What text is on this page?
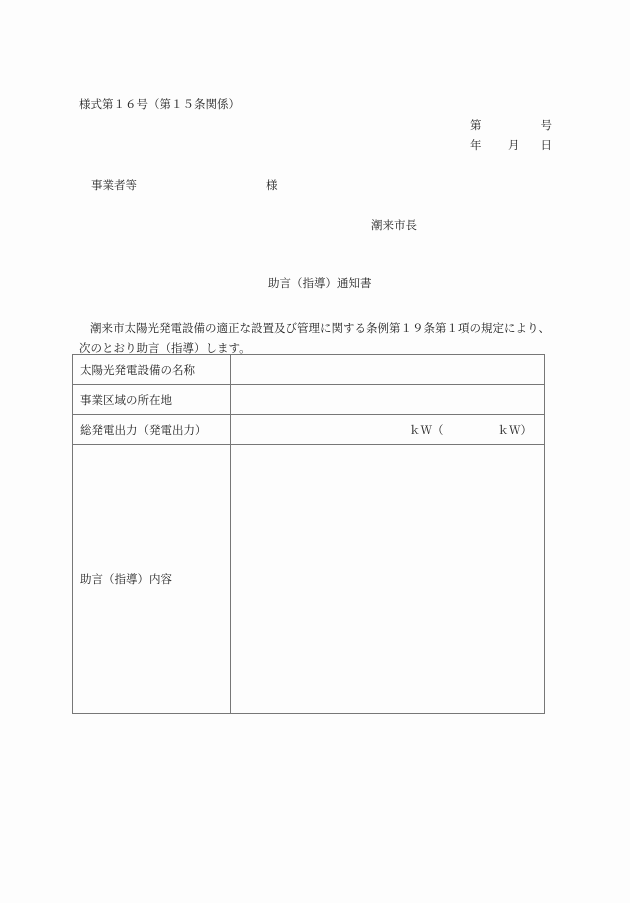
様式第１６号（第１５条関係）
第	号
年 月 日
事業者等	様
潮来市長
助言（指導）通知書
潮来市太陽光発電設備の適正な設置及び管理に関する条例第１９条第１項の規定により、
次のとおり助言（指導）します。
太陽光発電設備の名称	
事業区域の所在地	
総発電出力（発電出力）	ｋＷ（ ｋＷ）
助言（指導）内容	
